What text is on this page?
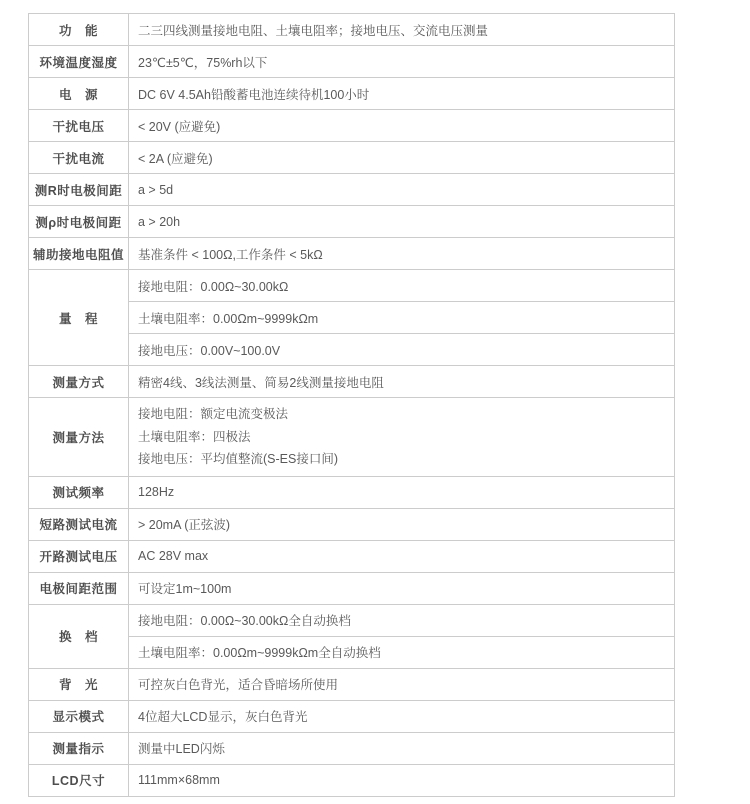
功　能	二三四线测量接地电阻、土壤电阻率；接地电压、交流电压测量
环境温度湿度	23℃±5℃，75%rh以下
电　源	DC 6V 4.5Ah铅酸蓄电池连续待机100小时
干扰电压	< 20V (应避免)
干扰电流	< 2A (应避免)
测R时电极间距	a > 5d
测ρ时电极间距	a > 20h
辅助接地电阻值	基准条件 < 100Ω,工作条件 < 5kΩ
量　程	接地电阻：0.00Ω~30.00kΩ
	土壤电阻率：0.00Ωm~9999kΩm
	接地电压：0.00V~100.0V
测量方式	精密4线、3线法测量、简易2线测量接地电阻
测量方法	接地电阻：额定电流变极法
土壤电阻率：四极法
接地电压：平均值整流(S-ES接口间)

测试频率	128Hz
短路测试电流	> 20mA (正弦波)
开路测试电压	AC 28V max
电极间距范围	可设定1m~100m
换　档	接地电阻：0.00Ω~30.00kΩ全自动换档
	土壤电阻率：0.00Ωm~9999kΩm全自动换档
背　光	可控灰白色背光，适合昏暗场所使用
显示模式	4位超大LCD显示，灰白色背光
测量指示	测量中LED闪烁
LCD尺寸	111mm×68mm
